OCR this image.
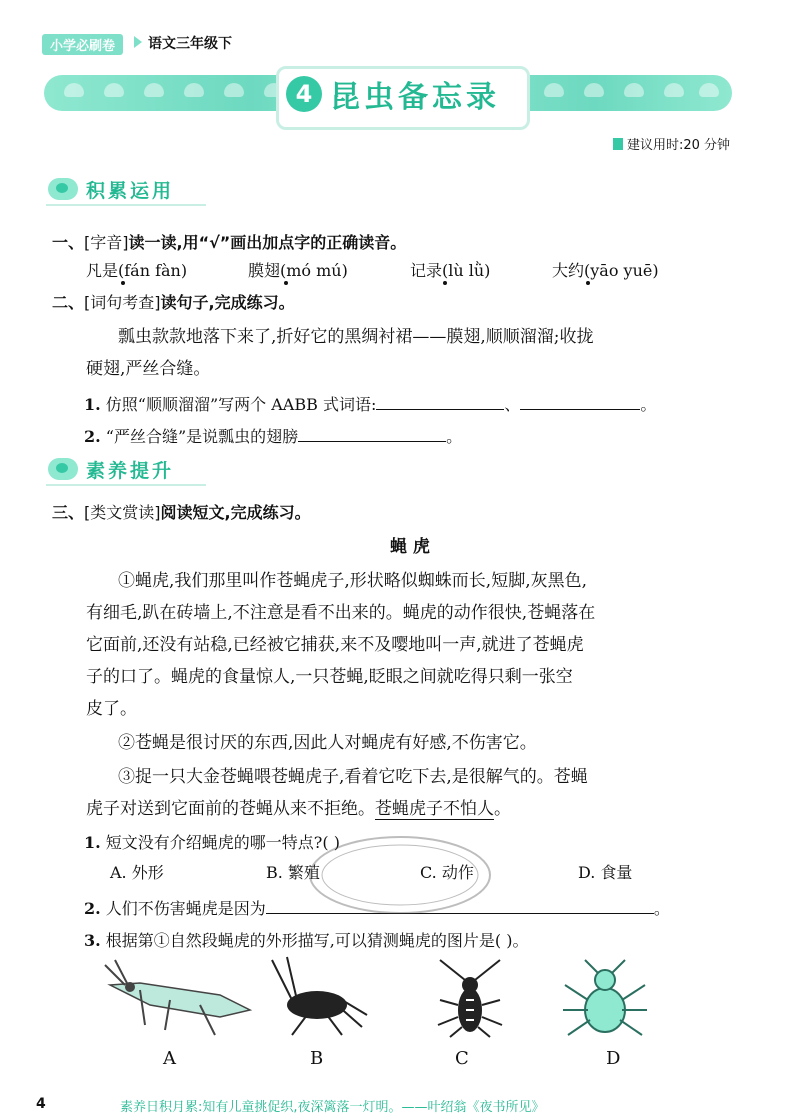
小学必刷卷	语文三年级下
4 昆虫备忘录
建议用时:20 分钟
积累运用
一、[字音]读一读,用“√”画出加点字的正确读音。
凡是(fán fàn)	膜翅(mó mú)	记录(lù lǜ)	大约(yāo yuē)
二、[词句考查]读句子,完成练习。
瓢虫款款地落下来了,折好它的黑绸衬裙——膜翅,顺顺溜溜;收拢
硬翅,严丝合缝。
1. 仿照“顺顺溜溜”写两个 AABB 式词语:	、	。
2. “严丝合缝”是说瓢虫的翅膀	。
素养提升
三、[类文赏读]阅读短文,完成练习。
蝇 虎
①蝇虎,我们那里叫作苍蝇虎子,形状略似蜘蛛而长,短脚,灰黑色,
有细毛,趴在砖墙上,不注意是看不出来的。蝇虎的动作很快,苍蝇落在
它面前,还没有站稳,已经被它捕获,来不及嘤地叫一声,就进了苍蝇虎
子的口了。蝇虎的食量惊人,一只苍蝇,眨眼之间就吃得只剩一张空
皮了。
②苍蝇是很讨厌的东西,因此人对蝇虎有好感,不伤害它。
③捉一只大金苍蝇喂苍蝇虎子,看着它吃下去,是很解气的。苍蝇
虎子对送到它面前的苍蝇从来不拒绝。苍蝇虎子不怕人。
1. 短文没有介绍蝇虎的哪一特点?( )
A. 外形	B. 繁殖	C. 动作	D. 食量
2. 人们不伤害蝇虎是因为	。
3. 根据第①自然段蝇虎的外形描写,可以猜测蝇虎的图片是( )。
A	B	C	D
4	素养日积月累:知有儿童挑促织,夜深篱落一灯明。——叶绍翁《夜书所见》
